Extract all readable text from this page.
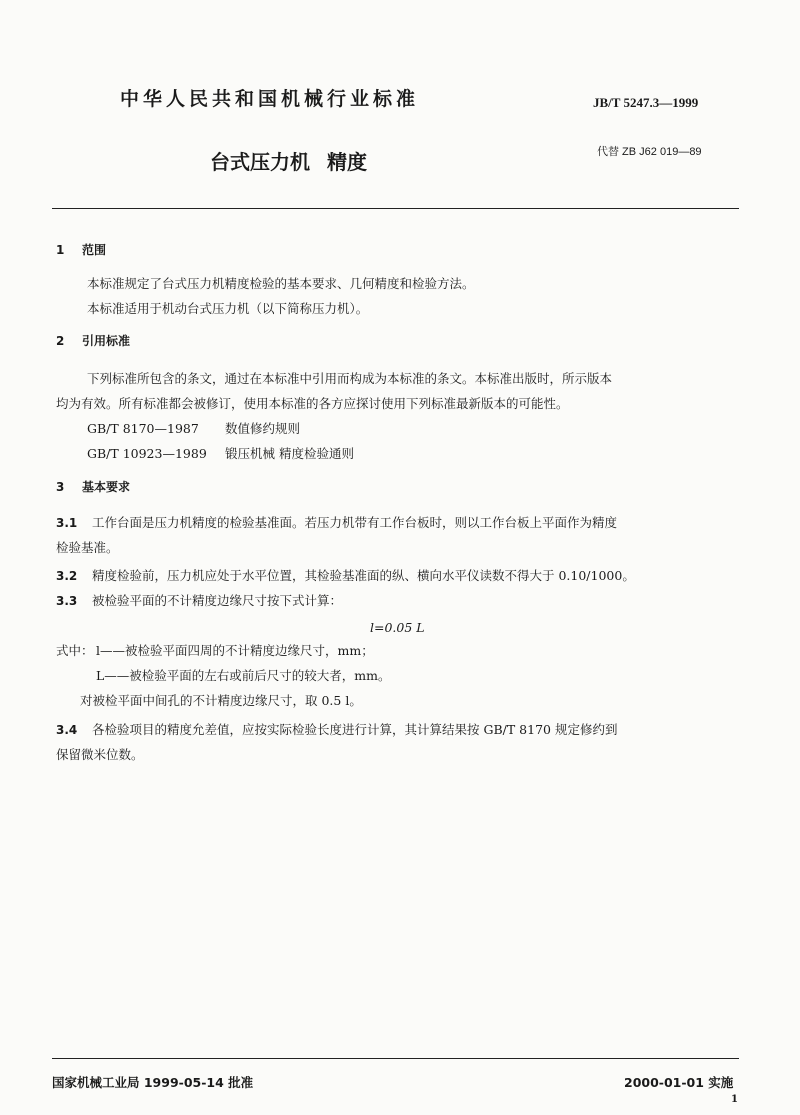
中华人民共和国机械行业标准	JB/T 5247.3—1999
台式压力机 精度	代替 ZB J62 019—89
1 范围
本标准规定了台式压力机精度检验的基本要求、几何精度和检验方法。
本标准适用于机动台式压力机（以下简称压力机）。
2 引用标准
下列标准所包含的条文，通过在本标准中引用而构成为本标准的条文。本标准出版时，所示版本
均为有效。所有标准都会被修订，使用本标准的各方应探讨使用下列标准最新版本的可能性。
GB/T 8170—1987 数值修约规则
GB/T 10923—1989 锻压机械 精度检验通则
3 基本要求
3.1 工作台面是压力机精度的检验基准面。若压力机带有工作台板时，则以工作台板上平面作为精度
检验基准。
3.2 精度检验前，压力机应处于水平位置，其检验基准面的纵、横向水平仪读数不得大于 0.10/1000。
3.3 被检验平面的不计精度边缘尺寸按下式计算：
l=0.05 L
式中： l——被检验平面四周的不计精度边缘尺寸，mm；
L——被检验平面的左右或前后尺寸的较大者，mm。
对被检平面中间孔的不计精度边缘尺寸，取 0.5 l。
3.4 各检验项目的精度允差值，应按实际检验长度进行计算，其计算结果按 GB/T 8170 规定修约到
保留微米位数。
国家机械工业局 1999-05-14 批准	2000-01-01 实施
1
